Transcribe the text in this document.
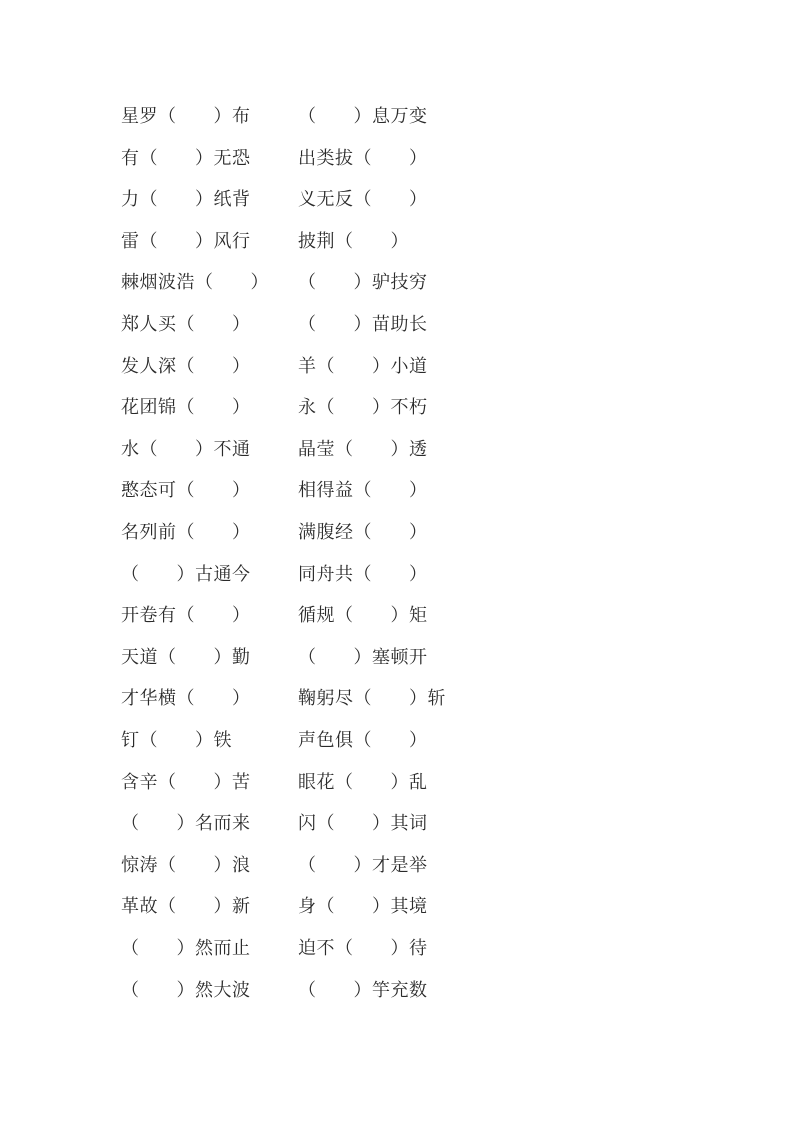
星罗（　　）布	（　　）息万变
有（　　）无恐	出类拔（　　）
力（　　）纸背	义无反（　　）
雷（　　）风行	披荆（　　）
棘烟波浩（　　） （　　）驴技穷
郑人买（　　）	（　　）苗助长
发人深（　　）	羊（　　）小道
花团锦（　　）	永（　　）不朽
水（　　）不通	晶莹（　　）透
憨态可（　　）	相得益（　　）
名列前（　　）	满腹经（　　）
（　　）古通今	同舟共（　　）
开卷有（　　）	循规（　　）矩
天道（　　）勤	（　　）塞顿开
才华横（　　）	鞠躬尽（　　）斩
钉（　　）铁	声色俱（　　）
含辛（　　）苦	眼花（　　）乱
（　　）名而来	闪（　　）其词
惊涛（　　）浪	（　　）才是举
革故（　　）新	身（　　）其境
（　　）然而止	迫不（　　）待
（　　）然大波	（　　）竽充数
